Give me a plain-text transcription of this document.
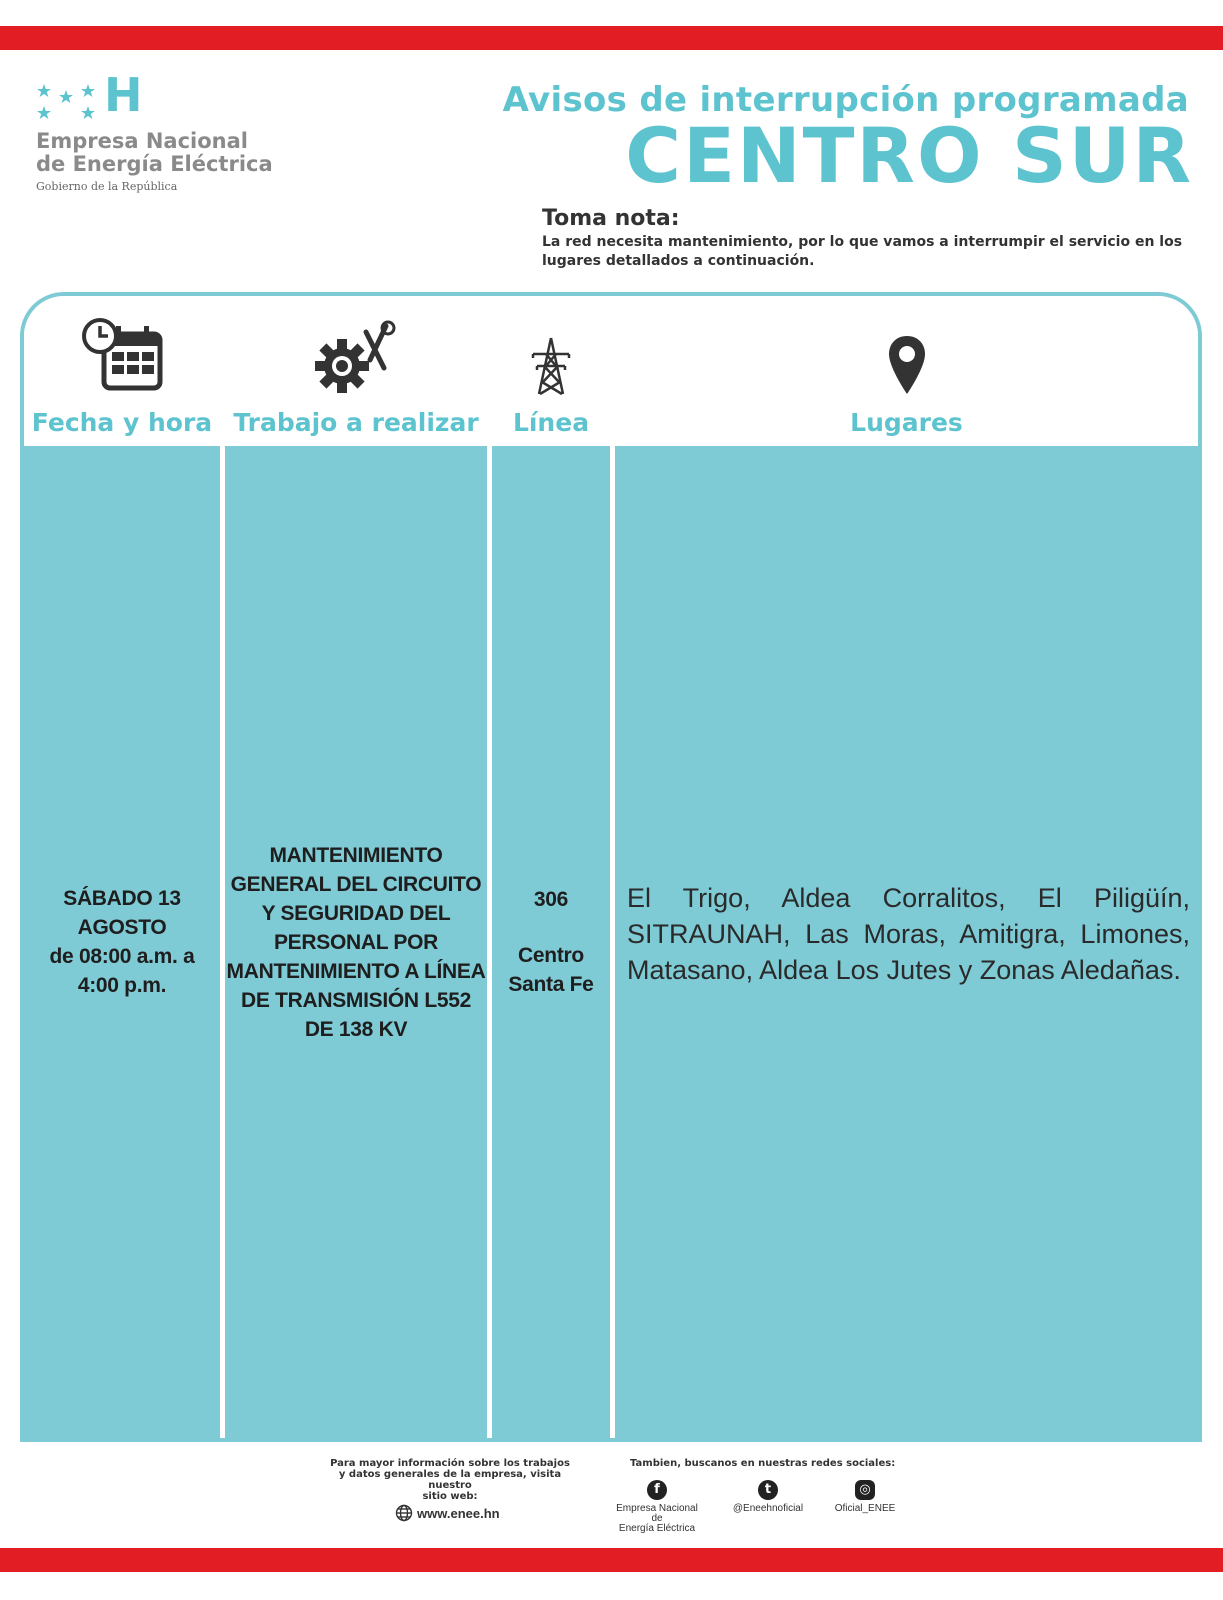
H
Empresa Nacional
de Energía Eléctrica
Gobierno de la República
Avisos de interrupción programada
CENTRO SUR
Toma nota:
La red necesita mantenimiento, por lo que vamos a interrumpir el servicio en los lugares detallados a continuación.
Fecha y hora
SÁBADO 13
AGOSTO
de 08:00 a.m. a
4:00 p.m.
Trabajo a realizar
MANTENIMIENTO
GENERAL DEL CIRCUITO
Y SEGURIDAD DEL
PERSONAL POR
MANTENIMIENTO A LÍNEA
DE TRANSMISIÓN L552
DE 138 KV
Línea
306
Centro
Santa Fe
Lugares
El Trigo, Aldea Corralitos, El Piligüín, SITRAUNAH, Las Moras, Amitigra, Limones, Matasano, Aldea Los Jutes y Zonas Aledañas.
Para mayor información sobre los trabajos
y datos generales de la empresa, visita nuestro
sitio web:
www.enee.hn
Tambien, buscanos en nuestras redes sociales:
f
Empresa Nacional de
Energía Eléctrica
t
@Eneehnoficial
◎
Oficial_ENEE
